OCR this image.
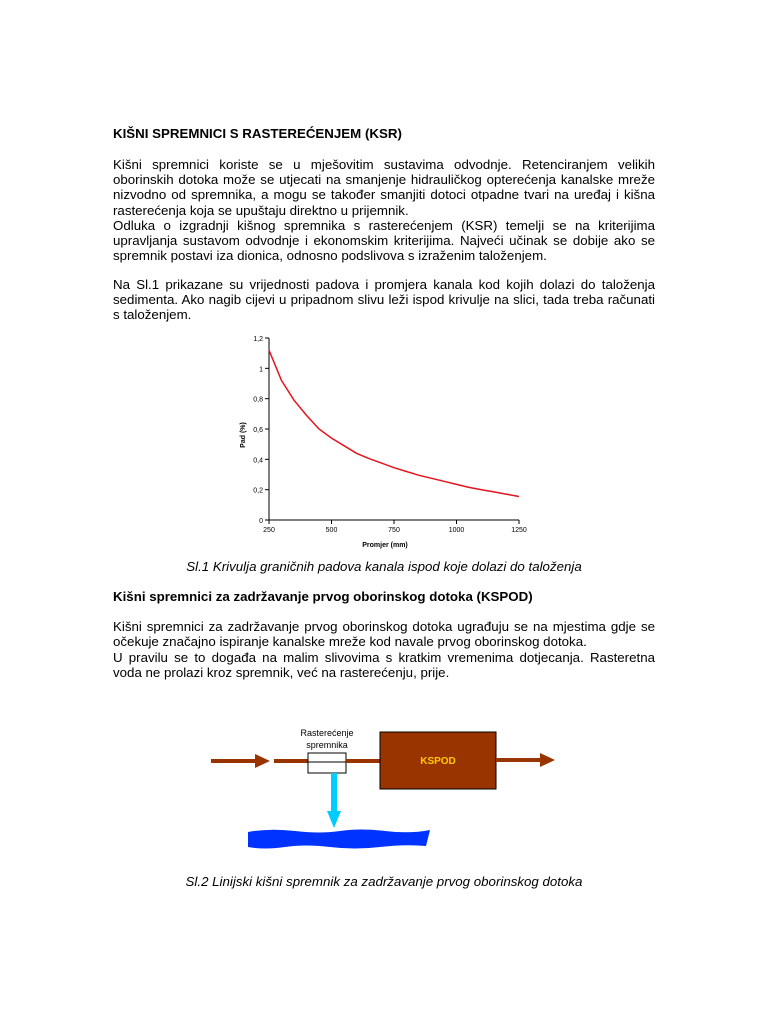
KIŠNI SPREMNICI S RASTEREĆENJEM (KSR)

Kišni spremnici koriste se u mješovitim sustavima odvodnje. Retenciranjem velikih oborinskih dotoka može se utjecati na smanjenje hidrauličkog opterećenja kanalske mreže nizvodno od spremnika, a mogu se također smanjiti dotoci otpadne tvari na uređaj i kišna rasterećenja koja se upuštaju direktno u prijemnik.

Odluka o izgradnji kišnog spremnika s rasterećenjem (KSR) temelji se na kriterijima upravljanja sustavom odvodnje i ekonomskim kriterijima. Najveći učinak se dobije ako se spremnik postavi iza dionica, odnosno podslivova s izraženim taloženjem.

Na Sl.1 prikazane su vrijednosti padova i promjera kanala kod kojih dolazi do taloženja sedimenta. Ako nagib cijevi u pripadnom slivu leži ispod krivulje na slici, tada treba računati s taloženjem.

0
0,2
0,4
0,6
0,8
1
1,2
250	500	750	1000	1250
Promjer (mm)
Pad (%)

Sl.1 Krivulja graničnih padova kanala ispod koje dolazi do taloženja

Kišni spremnici za zadržavanje prvog oborinskog dotoka (KSPOD)

Kišni spremnici za zadržavanje prvog oborinskog dotoka ugrađuju se na mjestima gdje se očekuje značajno ispiranje kanalske mreže kod navale prvog oborinskog dotoka.

U pravilu se to događa na malim slivovima s kratkim vremenima dotjecanja. Rasteretna voda ne prolazi kroz spremnik, već na rasterećenju, prije.

Rasterećenje
spremnika
KSPOD

Sl.2 Linijski kišni spremnik za zadržavanje prvog oborinskog dotoka
